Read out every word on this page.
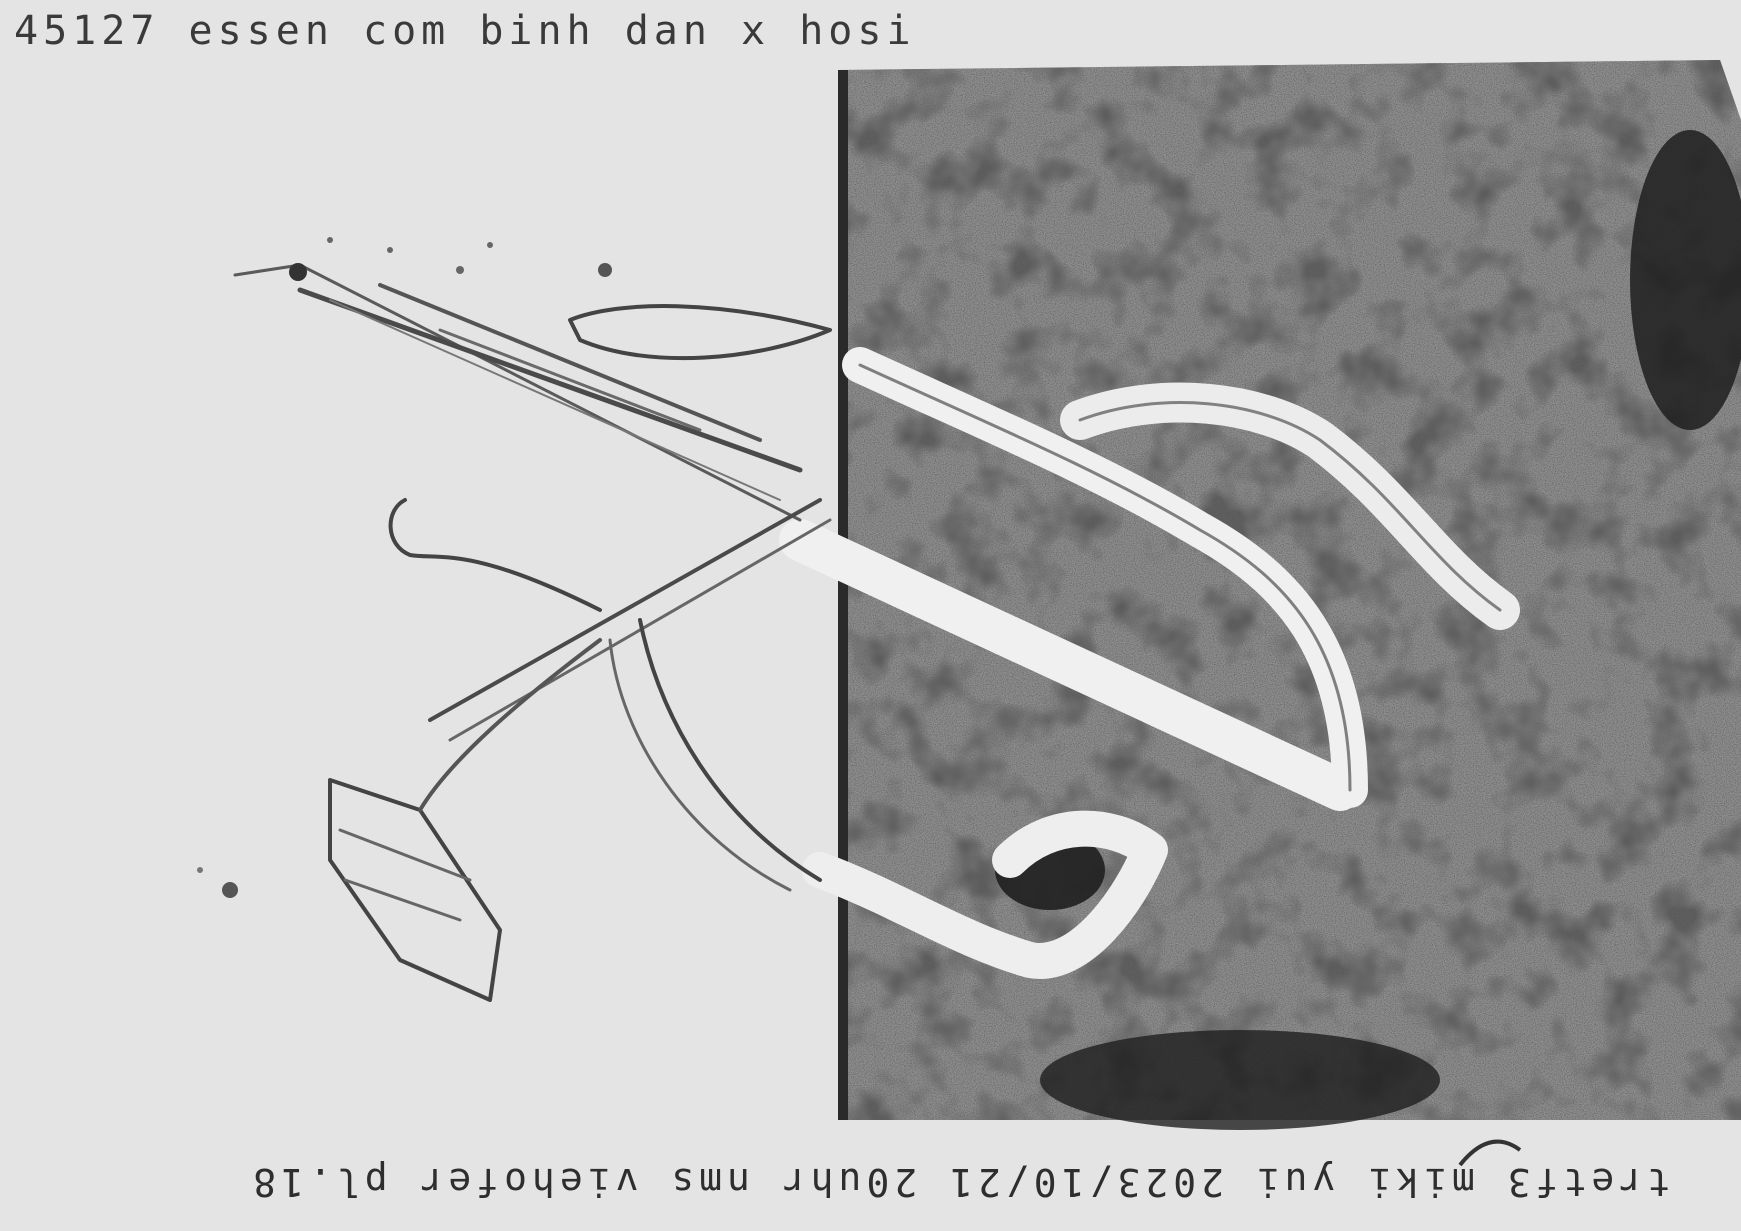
45127 essen com binh dan x hosi
tretf3 miki yui 2023/10/21 20uhr nms viehofer pl.18
